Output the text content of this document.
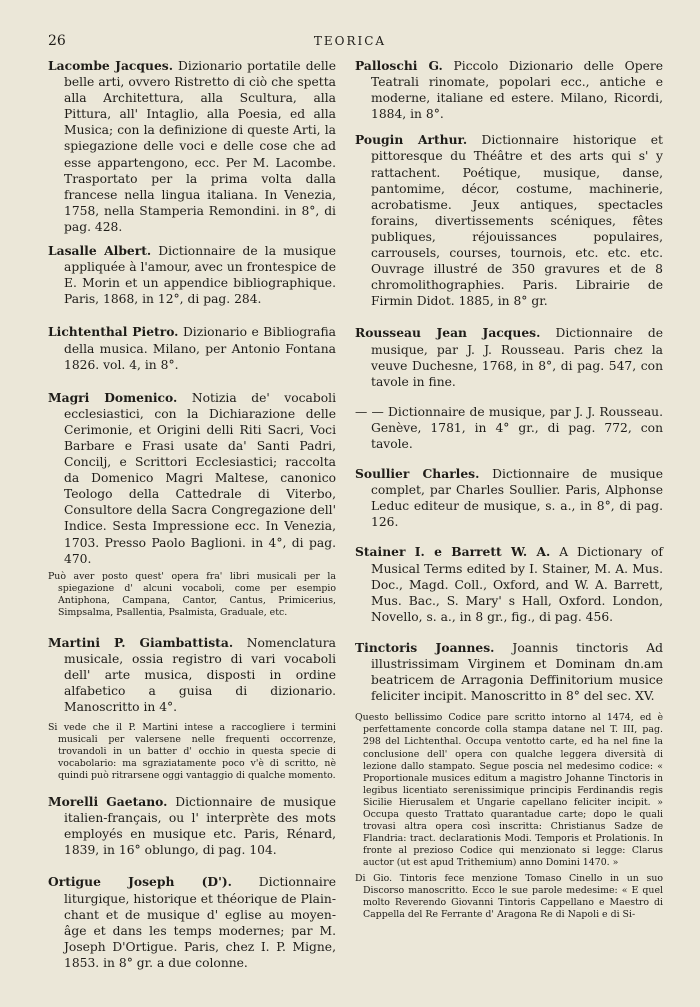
26	TEORICA

Lacombe Jacques. Dizionario portatile delle belle arti, ovvero Ristretto di ciò che spetta alla Architettura, alla Scultura, alla Pittura, all' Intaglio, alla Poesia, ed alla Musica; con la definizione di queste Arti, la spiegazione delle voci e delle cose che ad esse appartengono, ecc. Per M. Lacombe. Trasportato per la prima volta dalla francese nella lingua italiana. In Venezia, 1758, nella Stamperia Remondini. in 8°, di pag. 428.

Lasalle Albert. Dictionnaire de la musique appliquée à l'amour, avec un frontespice de E. Morin et un appendice bibliographique. Paris, 1868, in 12°, di pag. 284.

Lichtenthal Pietro. Dizionario e Bibliografia della musica. Milano, per Antonio Fontana 1826. vol. 4, in 8°.

Magri Domenico. Notizia de' vocaboli ecclesiastici, con la Dichiarazione delle Cerimonie, et Origini delli Riti Sacri, Voci Barbare e Frasi usate da' Santi Padri, Concilj, e Scrittori Ecclesiastici; raccolta da Domenico Magri Maltese, canonico Teologo della Cattedrale di Viterbo, Consultore della Sacra Congregazione dell' Indice. Sesta Impressione ecc. In Venezia, 1703. Presso Paolo Baglioni. in 4°, di pag. 470.

Può aver posto quest' opera fra' libri musicali per la spiegazione d' alcuni vocaboli, come per esempio Antiphona, Campana, Cantor, Cantus, Primicerius, Simpsalma, Psallentia, Psalmista, Graduale, etc.

Martini P. Giambattista. Nomenclatura musicale, ossia registro di vari vocaboli dell' arte musica, disposti in ordine alfabetico a guisa di dizionario. Manoscritto in 4°.

Si vede che il P. Martini intese a raccogliere i termini musicali per valersene nelle frequenti occorrenze, trovandoli in un batter d' occhio in questa specie di vocabolario: ma sgraziatamente poco v'è di scritto, nè quindi può ritrarsene oggi vantaggio di qualche momento.

Morelli Gaetano. Dictionnaire de musique italien-français, ou l' interprète des mots employés en musique etc. Paris, Rénard, 1839, in 16° oblungo, di pag. 104.

Ortigue Joseph (D'). Dictionnaire liturgique, historique et théorique de Plain-chant et de musique d' eglise au moyen-âge et dans les temps modernes; par M. Joseph D'Ortigue. Paris, chez I. P. Migne, 1853. in 8° gr. a due colonne.

Palloschi G. Piccolo Dizionario delle Opere Teatrali rinomate, popolari ecc., antiche e moderne, italiane ed estere. Milano, Ricordi, 1884, in 8°.

Pougin Arthur. Dictionnaire historique et pittoresque du Théâtre et des arts qui s' y rattachent. Poétique, musique, danse, pantomime, décor, costume, machinerie, acrobatisme. Jeux antiques, spectacles forains, divertissements scéniques, fêtes publiques, réjouissances populaires, carrousels, courses, tournois, etc. etc. etc. Ouvrage illustré de 350 gravures et de 8 chromolithographies. Paris. Librairie de Firmin Didot. 1885, in 8° gr.

Rousseau Jean Jacques. Dictionnaire de musique, par J. J. Rousseau. Paris chez la veuve Duchesne, 1768, in 8°, di pag. 547, con tavole in fine.

— — Dictionnaire de musique, par J. J. Rousseau. Genève, 1781, in 4° gr., di pag. 772, con tavole.

Soullier Charles. Dictionnaire de musique complet, par Charles Soullier. Paris, Alphonse Leduc editeur de musique, s. a., in 8°, di pag. 126.

Stainer I. e Barrett W. A. A Dictionary of Musical Terms edited by I. Stainer, M. A. Mus. Doc., Magd. Coll., Oxford, and W. A. Barrett, Mus. Bac., S. Mary' s Hall, Oxford. London, Novello, s. a., in 8 gr., fig., di pag. 456.

Tinctoris Joannes. Joannis tinctoris Ad illustrissimam Virginem et Dominam dn.am beatricem de Arragonia Deffinitorium musice feliciter incipit. Manoscritto in 8° del sec. XV.

Questo bellissimo Codice pare scritto intorno al 1474, ed è perfettamente concorde colla stampa datane nel T. III, pag. 298 del Lichtenthal. Occupa ventotto carte, ed ha nel fine la conclusione dell' opera con qualche leggera diversità di lezione dallo stampato. Segue poscia nel medesimo codice: « Proportionale musices editum a magistro Johanne Tinctoris in legibus licentiato serenissimique principis Ferdinandis regis Sicilie Hierusalem et Ungarie capellano feliciter incipit. » Occupa questo Trattato quarantadue carte; dopo le quali trovasi altra opera così inscritta: Christianus Sadze de Flandria: tract. declarationis Modi. Temporis et Prolationis. In fronte al prezioso Codice qui menzionato si legge: Clarus auctor (ut est apud Trithemium) anno Domini 1470. »

Di Gio. Tintoris fece menzione Tomaso Cinello in un suo Discorso manoscritto. Ecco le sue parole medesime: « E quel molto Reverendo Giovanni Tintoris Cappellano e Maestro di Cappella del Re Ferrante d' Aragona Re di Napoli e di Si-
